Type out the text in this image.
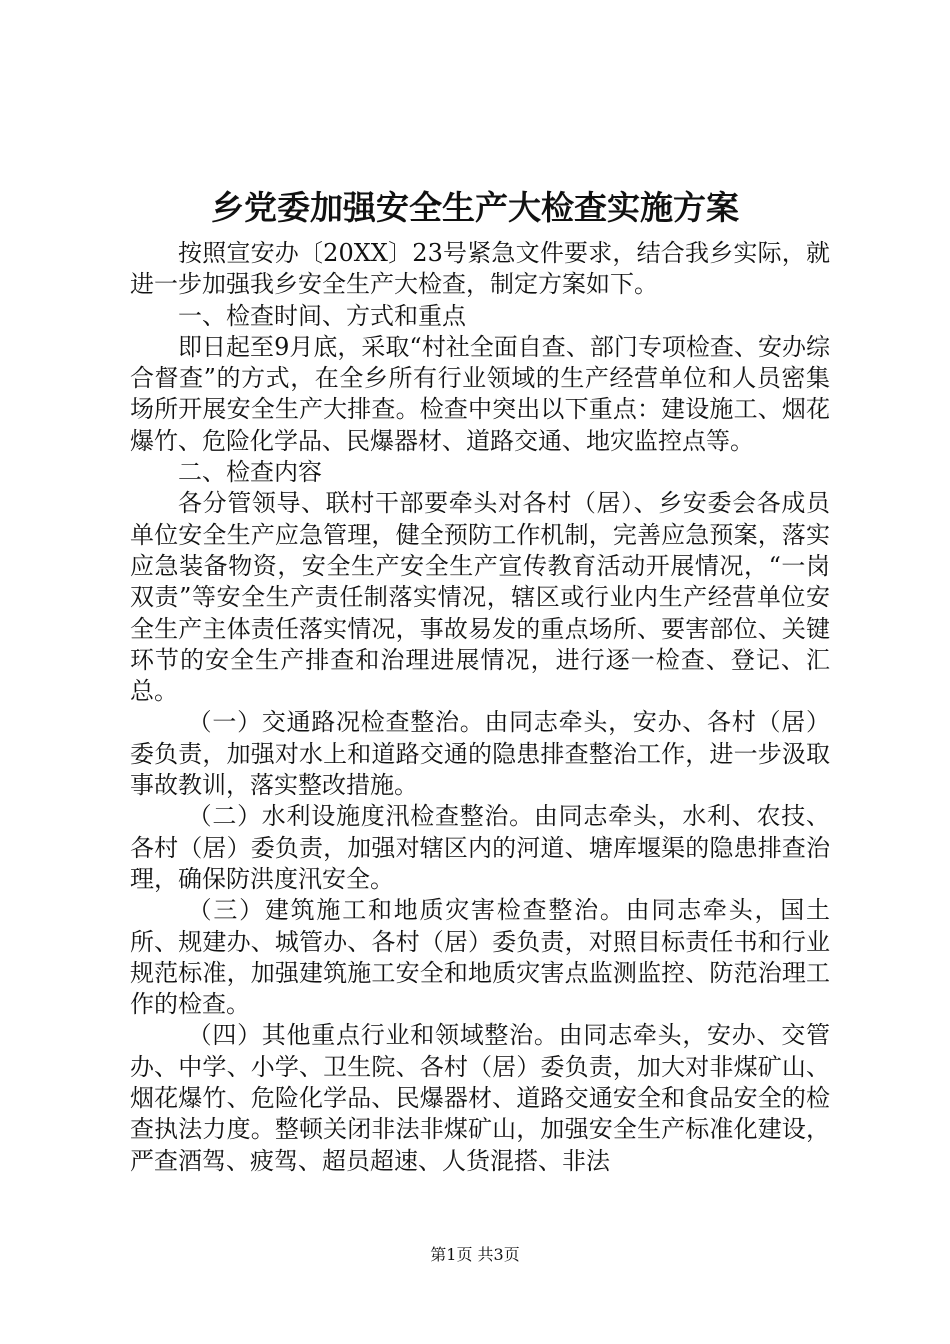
乡党委加强安全生产大检查实施方案

按照宣安办〔20XX〕23号紧急文件要求，结合我乡实际，就进一步加强我乡安全生产大检查，制定方案如下。

一、检查时间、方式和重点

即日起至9月底，采取“村社全面自查、部门专项检查、安办综合督查”的方式，在全乡所有行业领域的生产经营单位和人员密集场所开展安全生产大排查。检查中突出以下重点：建设施工、烟花爆竹、危险化学品、民爆器材、道路交通、地灾监控点等。

二、检查内容

各分管领导、联村干部要牵头对各村（居）、乡安委会各成员单位安全生产应急管理，健全预防工作机制，完善应急预案，落实应急装备物资，安全生产安全生产宣传教育活动开展情况，“一岗双责”等安全生产责任制落实情况，辖区或行业内生产经营单位安全生产主体责任落实情况，事故易发的重点场所、要害部位、关键环节的安全生产排查和治理进展情况，进行逐一检查、登记、汇总。

（一）交通路况检查整治。由同志牵头，安办、各村（居）委负责，加强对水上和道路交通的隐患排查整治工作，进一步汲取事故教训，落实整改措施。

（二）水利设施度汛检查整治。由同志牵头，水利、农技、各村（居）委负责，加强对辖区内的河道、塘库堰渠的隐患排查治理，确保防洪度汛安全。

（三）建筑施工和地质灾害检查整治。由同志牵头，国土所、规建办、城管办、各村（居）委负责，对照目标责任书和行业规范标准，加强建筑施工安全和地质灾害点监测监控、防范治理工作的检查。

（四）其他重点行业和领域整治。由同志牵头，安办、交管办、中学、小学、卫生院、各村（居）委负责，加大对非煤矿山、烟花爆竹、危险化学品、民爆器材、道路交通安全和食品安全的检查执法力度。整顿关闭非法非煤矿山，加强安全生产标准化建设，严查酒驾、疲驾、超员超速、人货混搭、非法

第1页 共3页
